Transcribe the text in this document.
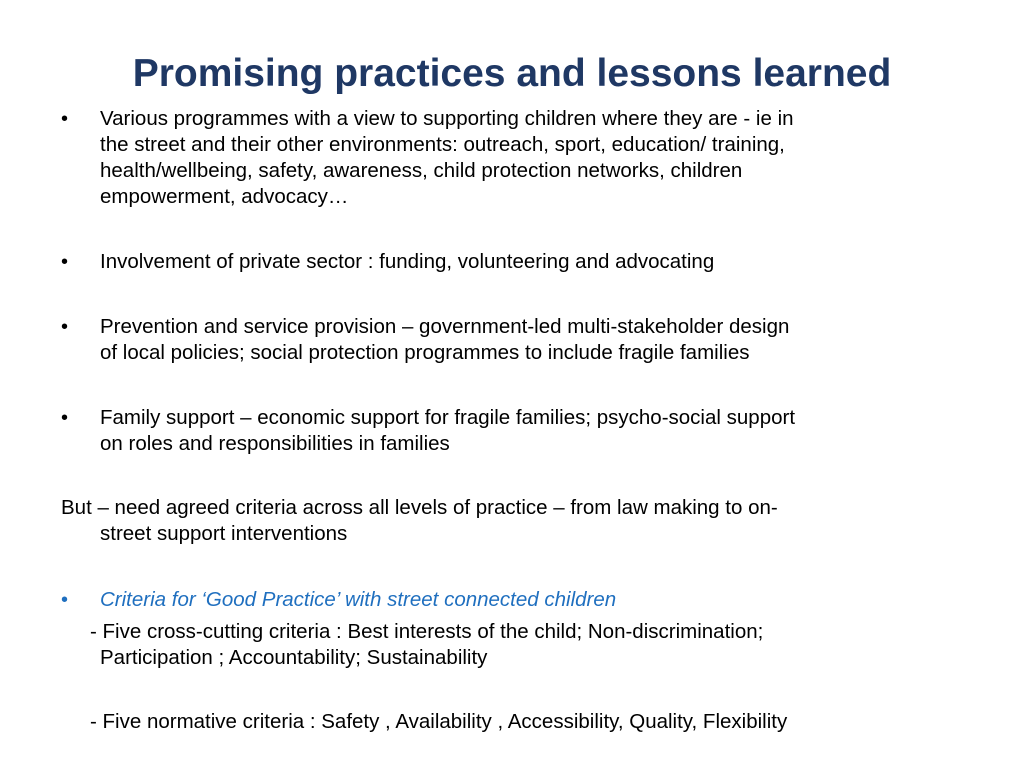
Promising practices and lessons learned
• Various programmes with a view to supporting children where they are - ie in
the street and their other environments: outreach, sport, education/ training,
health/wellbeing, safety, awareness, child protection networks, children
empowerment, advocacy…
• Involvement of private sector : funding, volunteering and advocating
• Prevention and service provision – government-led multi-stakeholder design
of local policies; social protection programmes to include fragile families
• Family support – economic support for fragile families; psycho-social support
on roles and responsibilities in families
But – need agreed criteria across all levels of practice – from law making to on-
street support interventions
• Criteria for ‘Good Practice’ with street connected children
- Five cross-cutting criteria : Best interests of the child; Non-discrimination;
Participation ; Accountability; Sustainability
- Five normative criteria : Safety , Availability , Accessibility, Quality, Flexibility
